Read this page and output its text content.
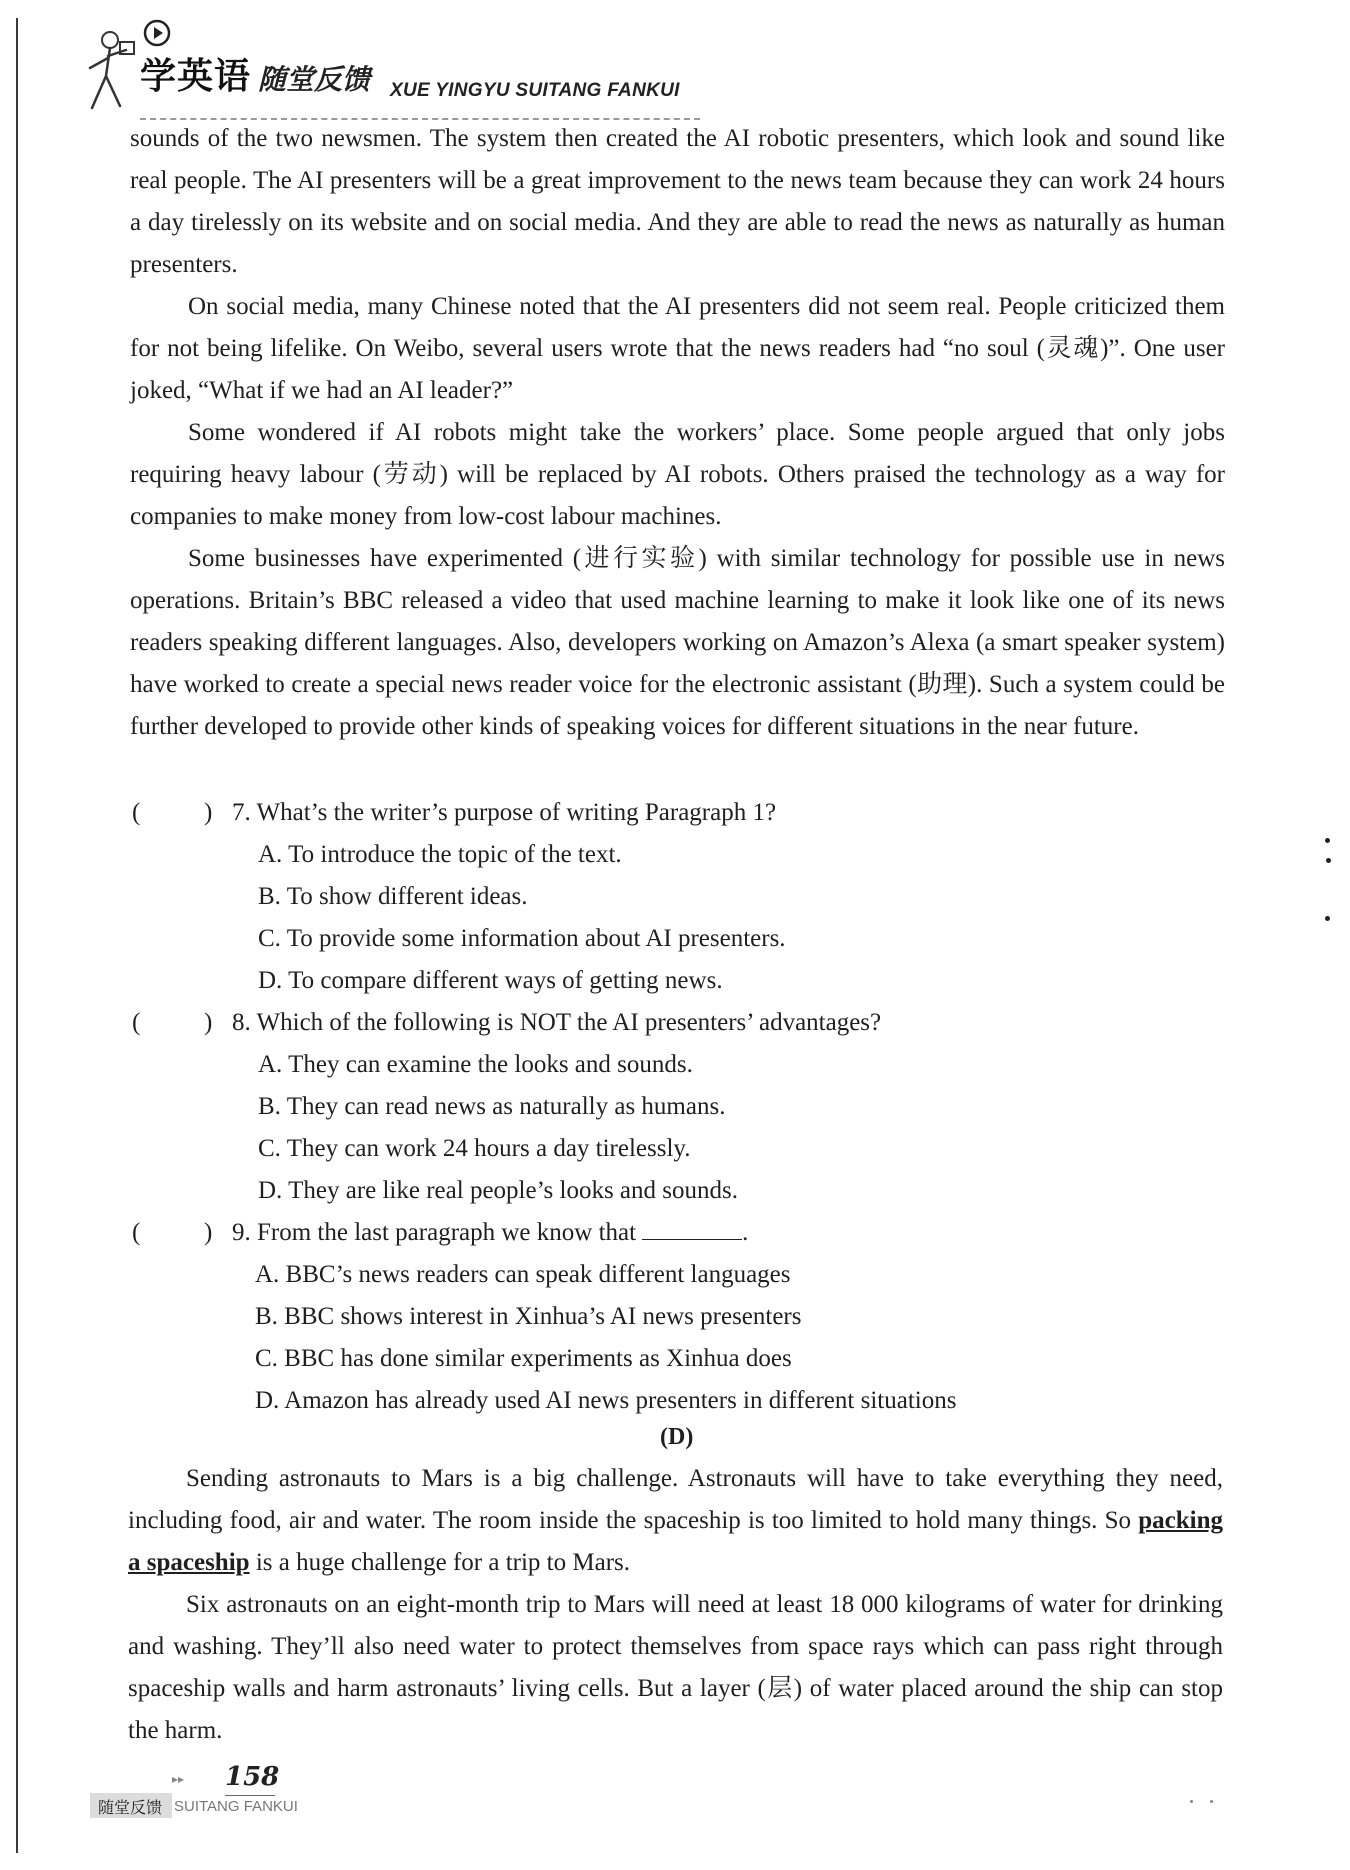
学英语 随堂反馈 XUE YINGYU SUITANG FANKUI

sounds of the two newsmen. The system then created the AI robotic presenters, which look and sound like real people. The AI presenters will be a great improvement to the news team because they can work 24 hours a day tirelessly on its website and on social media. And they are able to read the news as naturally as human presenters.

On social media, many Chinese noted that the AI presenters did not seem real. People criticized them for not being lifelike. On Weibo, several users wrote that the news readers had “no soul (灵魂)”. One user joked, “What if we had an AI leader?”

Some wondered if AI robots might take the workers’ place. Some people argued that only jobs requiring heavy labour (劳动) will be replaced by AI robots. Others praised the technology as a way for companies to make money from low-cost labour machines.

Some businesses have experimented (进行实验) with similar technology for possible use in news operations. Britain’s BBC released a video that used machine learning to make it look like one of its news readers speaking different languages. Also, developers working on Amazon’s Alexa (a smart speaker system) have worked to create a special news reader voice for the electronic assistant (助理). Such a system could be further developed to provide other kinds of speaking voices for different situations in the near future.

(	) 7. What’s the writer’s purpose of writing Paragraph 1?
A. To introduce the topic of the text.
B. To show different ideas.
C. To provide some information about AI presenters.
D. To compare different ways of getting news.
(	) 8. Which of the following is NOT the AI presenters’ advantages?
A. They can examine the looks and sounds.
B. They can read news as naturally as humans.
C. They can work 24 hours a day tirelessly.
D. They are like real people’s looks and sounds.
(	) 9. From the last paragraph we know that	.
A. BBC’s news readers can speak different languages
B. BBC shows interest in Xinhua’s AI news presenters
C. BBC has done similar experiments as Xinhua does
D. Amazon has already used AI news presenters in different situations
(D)

Sending astronauts to Mars is a big challenge. Astronauts will have to take everything they need, including food, air and water. The room inside the spaceship is too limited to hold many things. So packing a spaceship is a huge challenge for a trip to Mars.

Six astronauts on an eight-month trip to Mars will need at least 18 000 kilograms of water for drinking and washing. They’ll also need water to protect themselves from space rays which can pass right through spaceship walls and harm astronauts’ living cells. But a layer (层) of water placed around the ship can stop the harm.

▸▸ 158
随堂反馈 SUITANG FANKUI
